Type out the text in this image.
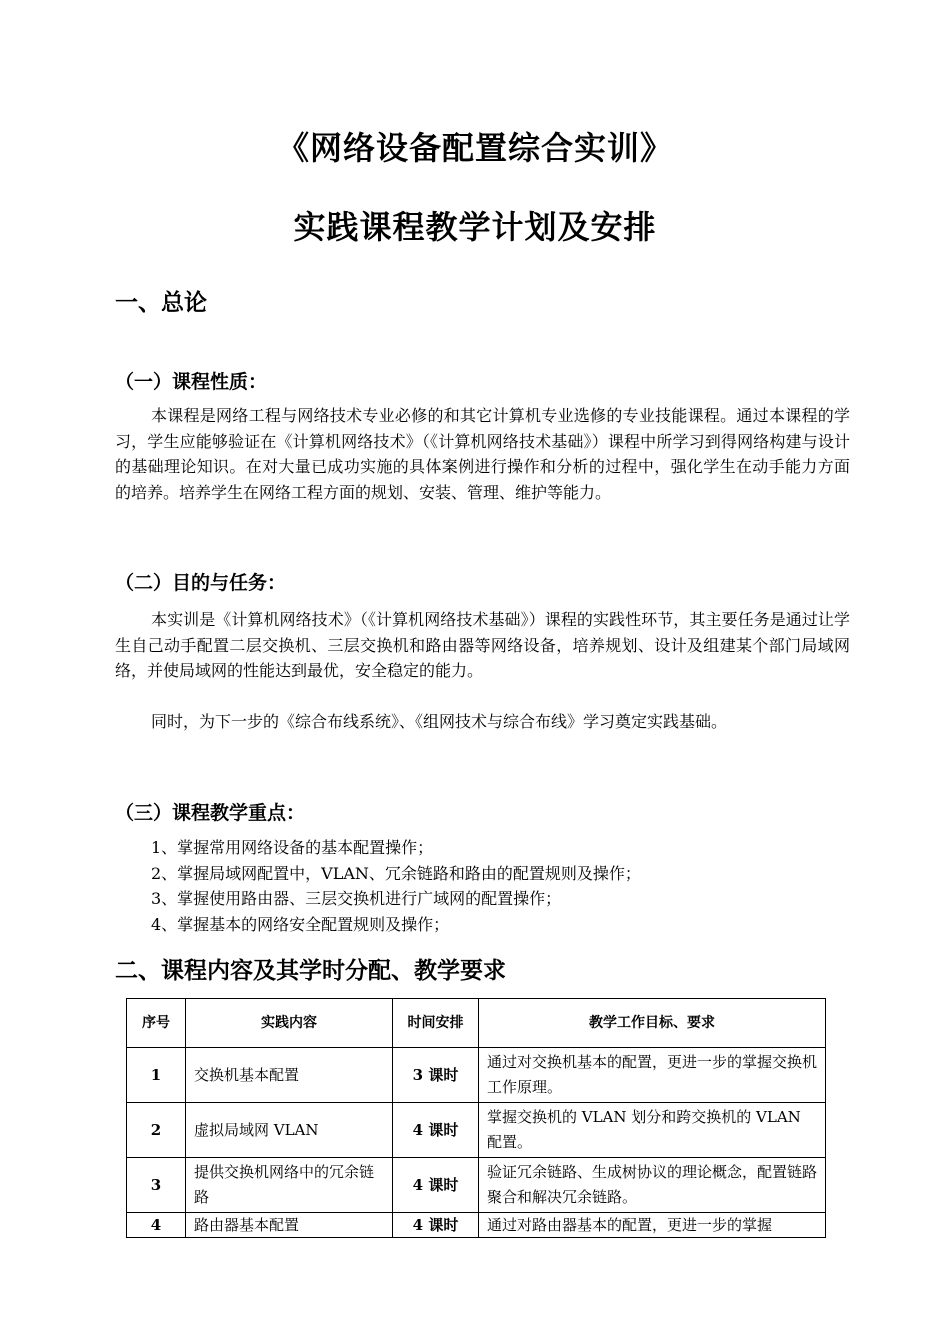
《网络设备配置综合实训》
实践课程教学计划及安排
一、总论
（一）课程性质：
本课程是网络工程与网络技术专业必修的和其它计算机专业选修的专业技能课程。通过本课程的学习，学生应能够验证在《计算机网络技术》（《计算机网络技术基础》）课程中所学习到得网络构建与设计的基础理论知识。在对大量已成功实施的具体案例进行操作和分析的过程中，强化学生在动手能力方面的培养。培养学生在网络工程方面的规划、安装、管理、维护等能力。
（二）目的与任务：
本实训是《计算机网络技术》（《计算机网络技术基础》）课程的实践性环节，其主要任务是通过让学生自己动手配置二层交换机、三层交换机和路由器等网络设备，培养规划、设计及组建某个部门局域网络，并使局域网的性能达到最优，安全稳定的能力。
同时，为下一步的《综合布线系统》、《组网技术与综合布线》学习奠定实践基础。
（三）课程教学重点：
1、掌握常用网络设备的基本配置操作；
2、掌握局域网配置中，VLAN、冗余链路和路由的配置规则及操作；
3、掌握使用路由器、三层交换机进行广域网的配置操作；
4、掌握基本的网络安全配置规则及操作；
二、课程内容及其学时分配、教学要求
序号	实践内容	时间安排	教学工作目标、要求
1	交换机基本配置	3 课时	通过对交换机基本的配置，更进一步的掌握交换机工作原理。
2	虚拟局域网 VLAN	4 课时	掌握交换机的 VLAN 划分和跨交换机的 VLAN 配置。
3	提供交换机网络中的冗余链路	4 课时	验证冗余链路、生成树协议的理论概念，配置链路聚合和解决冗余链路。
4	路由器基本配置	4 课时	通过对路由器基本的配置，更进一步的掌握
